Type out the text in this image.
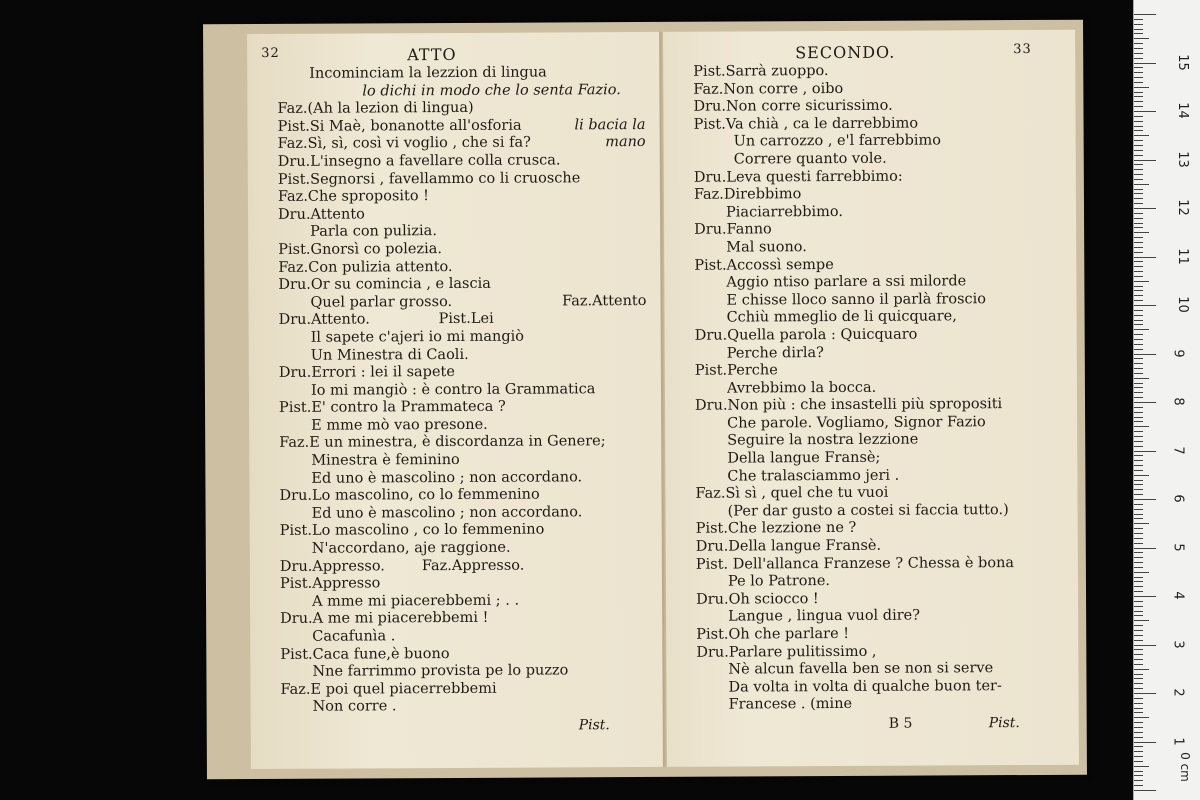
32	ATTO
Incominciam la lezzion di lingua
lo dichi in modo che lo senta Fazio.
Faz.(Ah la lezion di lingua)
Pist.Si Maè, bonanotte all'osforia	li bacia la
Faz.Sì, sì, così vi voglio , che si fa?	mano
Dru.L'insegno a favellare colla crusca.
Pist.Segnorsi , favellammo co li cruosche
Faz.Che sproposito !
Dru.Attento
Parla con pulizia.
Pist.Gnorsì co polezia.
Faz.Con pulizia attento.
Dru.Or su comincia , e lascia
Quel parlar grosso.	Faz.Attento
Dru.Attento.	Pist.Lei
Il sapete c'ajeri io mi mangiò
Un Minestra di Caoli.
Dru.Errori : lei il sapete
Io mi mangiò : è contro la Grammatica
Pist.E' contro la Prammateca ?
E mme mò vao presone.
Faz.E un minestra, è discordanza in Genere;
Minestra è feminino
Ed uno è mascolino ; non accordano.
Dru.Lo mascolino, co lo femmenino
Ed uno è mascolino ; non accordano.
Pist.Lo mascolino , co lo femmenino
N'accordano, aje raggione.
Dru.Appresso.	Faz.Appresso.
Pist.Appresso
A mme mi piacerebbemi ; . .
Dru.A me mi piacerebbemi !
Cacafunìa .
Pist.Caca fune,è buono
Nne farrimmo provista pe lo puzzo
Faz.E poi quel piacerrebbemi
Non corre .
Pist.
SECONDO.	33
Pist.Sarrà zuoppo.
Faz.Non corre , oibo
Dru.Non corre sicurissimo.
Pist.Va chià , ca le darrebbimo
Un carrozzo , e'l farrebbimo
Correre quanto vole.
Dru.Leva questi farrebbimo:
Faz.Direbbimo
Piaciarrebbimo.
Dru.Fanno
Mal suono.
Pist.Accossì sempe
Aggio ntiso parlare a ssi milorde
E chisse lloco sanno il parlà froscio
Cchiù mmeglio de li quicquare,
Dru.Quella parola : Quicquaro
Perche dirla?
Pist.Perche
Avrebbimo la bocca.
Dru.Non più : che insastelli più spropositi
Che parole. Vogliamo, Signor Fazio
Seguire la nostra lezzione
Della langue Fransè;
Che tralasciammo jeri .
Faz.Sì sì , quel che tu vuoi
(Per dar gusto a costei si faccia tutto.)
Pist.Che lezzione ne ?
Dru.Della langue Fransè.
Pist. Dell'allanca Franzese ? Chessa è bona
Pe lo Patrone.
Dru.Oh sciocco !
Langue , lingua vuol dire?
Pist.Oh che parlare !
Dru.Parlare pulitissimo ,
Nè alcun favella ben se non si serve
Da volta in volta di qualche buon ter-
Francese . (mine
B 5	Pist.
0 cm
1
2
3
4
5
6
7
8
9
10
11
12
13
14
15
